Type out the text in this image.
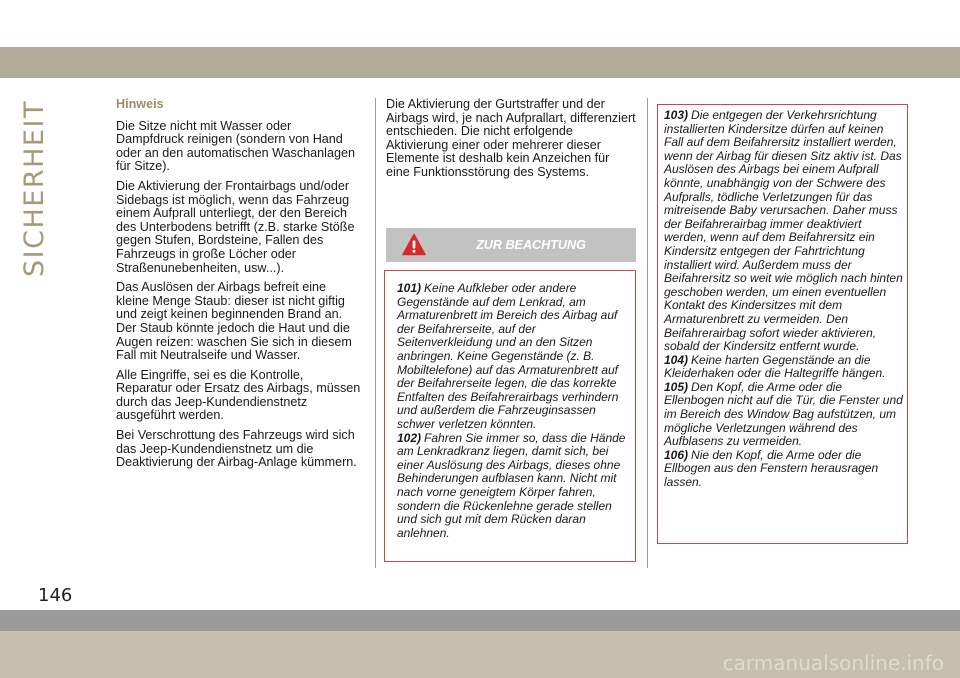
SICHERHEIT
146
carmanualsonline.info
Hinweis

Die Sitze nicht mit Wasser oder Dampfdruck reinigen (sondern von Hand oder an den automatischen Waschanlagen für Sitze).

Die Aktivierung der Frontairbags und/oder Sidebags ist möglich, wenn das Fahrzeug einem Aufprall unterliegt, der den Bereich des Unterbodens betrifft (z.B. starke Stöße gegen Stufen, Bordsteine, Fallen des Fahrzeugs in große Löcher oder Straßenunebenheiten, usw...).

Das Auslösen der Airbags befreit eine kleine Menge Staub: dieser ist nicht giftig und zeigt keinen beginnenden Brand an. Der Staub könnte jedoch die Haut und die Augen reizen: waschen Sie sich in diesem Fall mit Neutralseife und Wasser.

Alle Eingriffe, sei es die Kontrolle, Reparatur oder Ersatz des Airbags, müssen durch das Jeep-Kundendienstnetz ausgeführt werden.

Bei Verschrottung des Fahrzeugs wird sich das Jeep-Kundendienstnetz um die Deaktivierung der Airbag-Anlage kümmern.

Die Aktivierung der Gurtstraffer und der Airbags wird, je nach Aufprallart, differenziert entschieden. Die nicht erfolgende Aktivierung einer oder mehrerer dieser Elemente ist deshalb kein Anzeichen für eine Funktionsstörung des Systems.

ZUR BEACHTUNG

101) Keine Aufkleber oder andere Gegenstände auf dem Lenkrad, am Armaturenbrett im Bereich des Airbag auf der Beifahrerseite, auf der Seitenverkleidung und an den Sitzen anbringen. Keine Gegenstände (z. B. Mobiltelefone) auf das Armaturenbrett auf der Beifahrerseite legen, die das korrekte Entfalten des Beifahrerairbags verhindern und außerdem die Fahrzeuginsassen schwer verletzen könnten.

102) Fahren Sie immer so, dass die Hände am Lenkradkranz liegen, damit sich, bei einer Auslösung des Airbags, dieses ohne Behinderungen aufblasen kann. Nicht mit nach vorne geneigtem Körper fahren, sondern die Rückenlehne gerade stellen und sich gut mit dem Rücken daran anlehnen.

103) Die entgegen der Verkehrsrichtung installierten Kindersitze dürfen auf keinen Fall auf dem Beifahrersitz installiert werden, wenn der Airbag für diesen Sitz aktiv ist. Das Auslösen des Airbags bei einem Aufprall könnte, unabhängig von der Schwere des Aufpralls, tödliche Verletzungen für das mitreisende Baby verursachen. Daher muss der Beifahrerairbag immer deaktiviert werden, wenn auf dem Beifahrersitz ein Kindersitz entgegen der Fahrtrichtung installiert wird. Außerdem muss der Beifahrersitz so weit wie möglich nach hinten geschoben werden, um einen eventuellen Kontakt des Kindersitzes mit dem Armaturenbrett zu vermeiden. Den Beifahrerairbag sofort wieder aktivieren, sobald der Kindersitz entfernt wurde.

104) Keine harten Gegenstände an die Kleiderhaken oder die Haltegriffe hängen.

105) Den Kopf, die Arme oder die Ellenbogen nicht auf die Tür, die Fenster und im Bereich des Window Bag aufstützen, um mögliche Verletzungen während des Aufblasens zu vermeiden.

106) Nie den Kopf, die Arme oder die Ellbogen aus den Fenstern herausragen lassen.
